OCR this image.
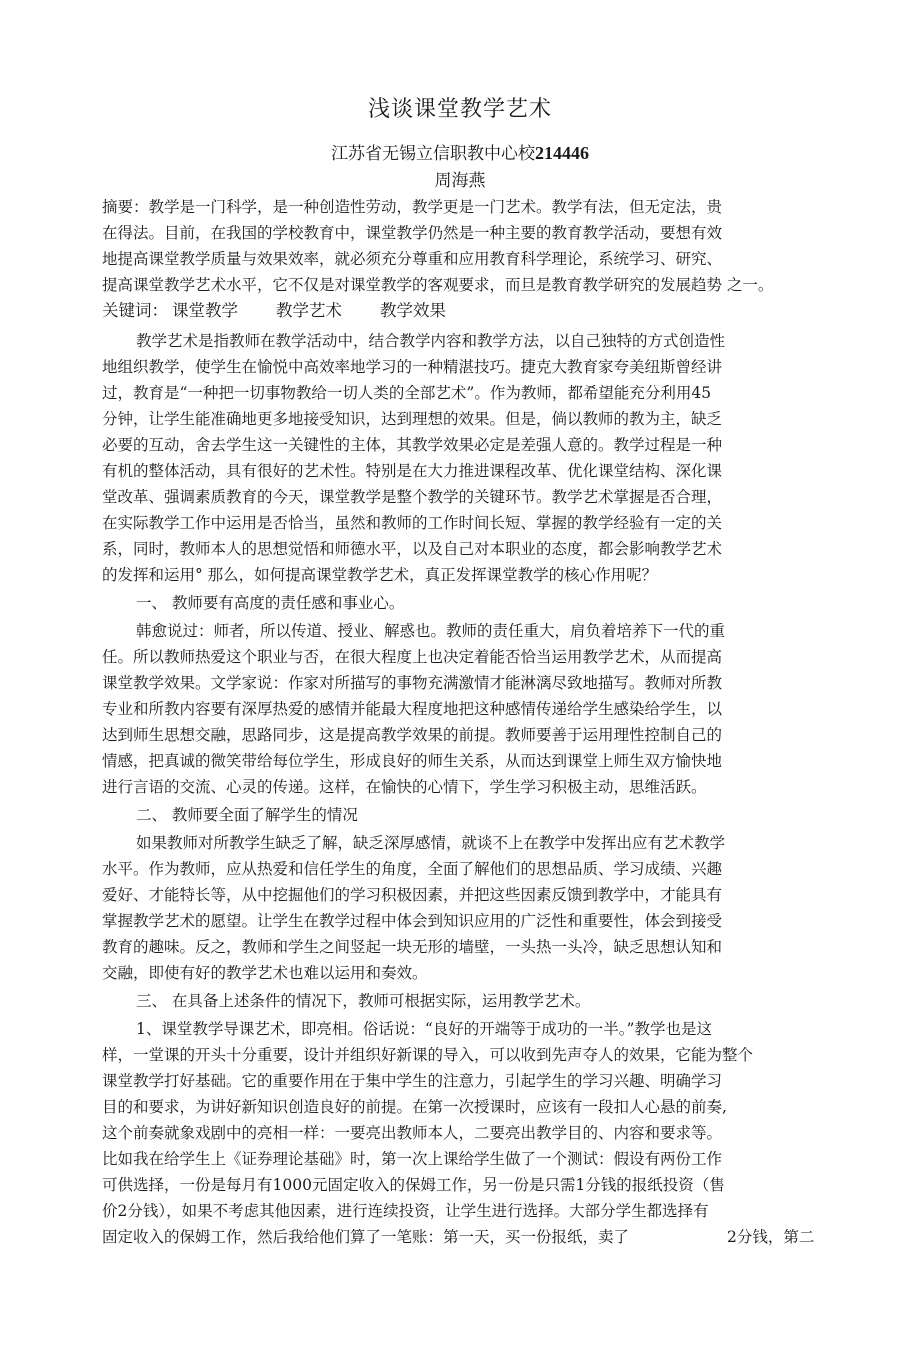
浅谈课堂教学艺术
江苏省无锡立信职教中心校214446
周海燕
摘要：教学是一门科学，是一种创造性劳动，教学更是一门艺术。教学有法，但无定法，贵
在得法。目前，在我国的学校教育中，课堂教学仍然是一种主要的教育教学活动，要想有效
地提高课堂教学质量与效果效率，就必须充分尊重和应用教育科学理论，系统学习、研究、
提高课堂教学艺术水平，它不仅是对课堂教学的客观要求，而旦是教育教学研究的发展趋势 之一。
关键词： 课堂教学 教学艺术 教学效果
教学艺术是指教师在教学活动中，结合教学内容和教学方法，以自己独特的方式创造性
地组织教学，使学生在愉悦中高效率地学习的一种精湛技巧。捷克大教育家夸美纽斯曾经讲
过，教育是“一种把一切事物教给一切人类的全部艺术”。作为教师，都希望能充分利用45
分钟，让学生能准确地更多地接受知识，达到理想的效果。但是，倘以教师的教为主，缺乏
必要的互动，舍去学生这一关键性的主体，其教学效果必定是差强人意的。教学过程是一种
有机的整体活动，具有很好的艺术性。特别是在大力推进课程改革、优化课堂结构、深化课
堂改革、强调素质教育的今天，课堂教学是整个教学的关键环节。教学艺术掌握是否合理，
在实际教学工作中运用是否恰当，虽然和教师的工作时间长短、掌握的教学经验有一定的关
系，同时，教师本人的思想觉悟和师德水平，以及自己对本职业的态度，都会影响教学艺术
的发挥和运用° 那么，如何提高课堂教学艺术，真正发挥课堂教学的核心作用呢？
一、 教师要有高度的责任感和事业心。
韩愈说过：师者，所以传道、授业、解惑也。教师的责任重大，肩负着培养下一代的重
任。所以教师热爱这个职业与否，在很大程度上也决定着能否恰当运用教学艺术，从而提高
课堂教学效果。文学家说：作家对所描写的事物充满激情才能淋漓尽致地描写。教师对所教
专业和所教内容要有深厚热爱的感情并能最大程度地把这种感情传递给学生感染给学生，以
达到师生思想交融，思路同步，这是提高教学效果的前提。教师要善于运用理性控制自己的
情感，把真诚的微笑带给每位学生，形成良好的师生关系，从而达到课堂上师生双方愉快地
进行言语的交流、心灵的传递。这样，在愉快的心情下，学生学习积极主动，思维活跃。
二、 教师要全面了解学生的情况
如果教师对所教学生缺乏了解，缺乏深厚感情，就谈不上在教学中发挥出应有艺术教学
水平。作为教师，应从热爱和信任学生的角度，全面了解他们的思想品质、学习成绩、兴趣
爱好、才能特长等，从中挖掘他们的学习积极因素，并把这些因素反馈到教学中，才能具有
掌握教学艺术的愿望。让学生在教学过程中体会到知识应用的广泛性和重要性，体会到接受
教育的趣味。反之，教师和学生之间竖起一块无形的墙壁，一头热一头冷，缺乏思想认知和
交融，即使有好的教学艺术也难以运用和奏效。
三、 在具备上述条件的情况下，教师可根据实际，运用教学艺术。
1、课堂教学导课艺术，即亮相。俗话说：“良好的开端等于成功的一半。”教学也是这
样，一堂课的开头十分重要，设计并组织好新课的导入，可以收到先声夺人的效果，它能为整个
课堂教学打好基础。它的重要作用在于集中学生的注意力，引起学生的学习兴趣、明确学习
目的和要求，为讲好新知识创造良好的前提。在第一次授课时，应该有一段扣人心悬的前奏,
这个前奏就象戏剧中的亮相一样：一要亮出教师本人，二要亮出教学目的、内容和要求等。
比如我在给学生上《证券理论基础》时，第一次上课给学生做了一个测试：假设有两份工作
可供选择，一份是每月有1000元固定收入的保姆工作，另一份是只需1分钱的报纸投资（售
价2分钱），如果不考虑其他因素，进行连续投资，让学生进行选择。大部分学生都选择有
固定收入的保姆工作，然后我给他们算了一笔账：第一天，买一份报纸，卖了	2分钱，第二
